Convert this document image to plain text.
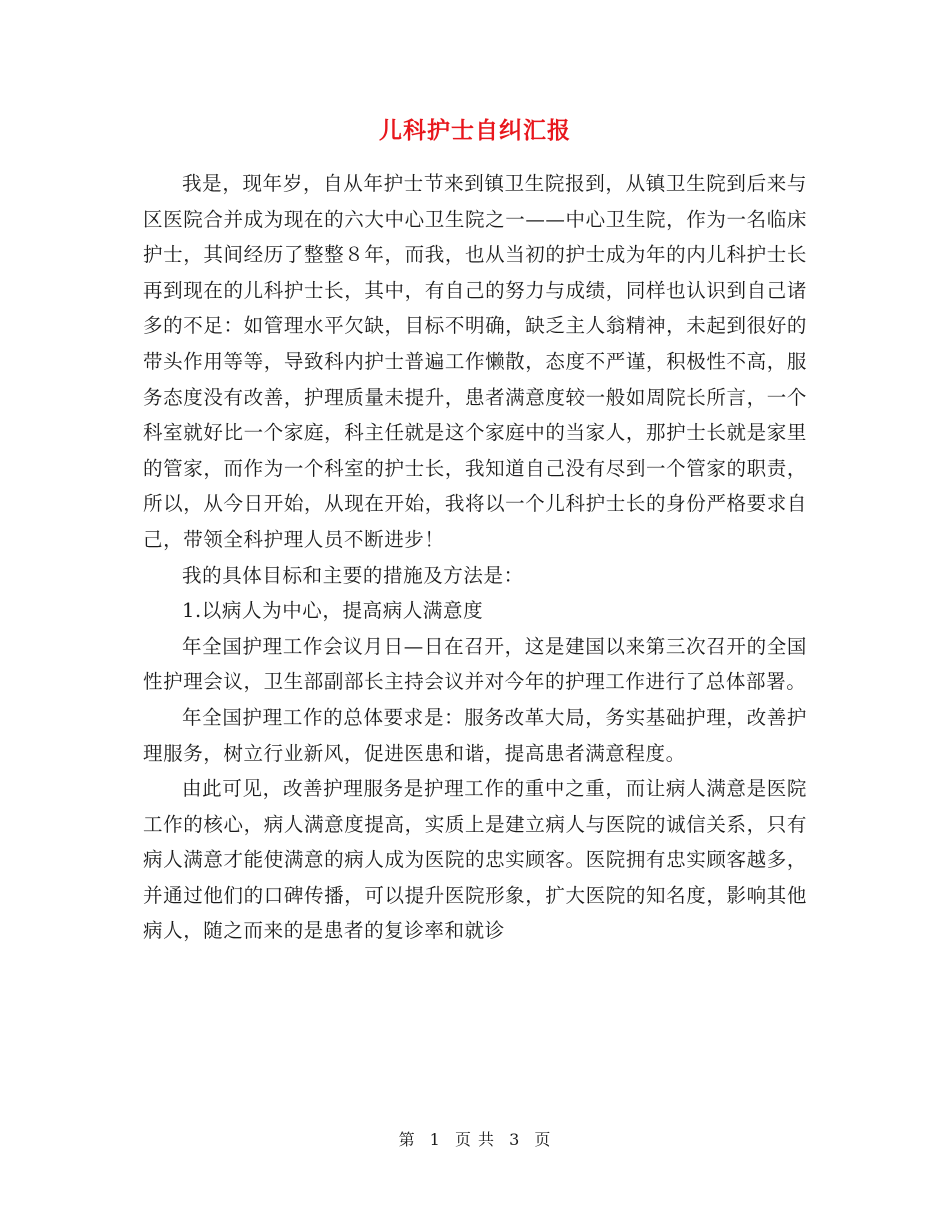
儿科护士自纠汇报

我是，现年岁，自从年护士节来到镇卫生院报到，从镇卫生院到后来与区医院合并成为现在的六大中心卫生院之一——中心卫生院，作为一名临床护士，其间经历了整整８年，而我，也从当初的护士成为年的内儿科护士长再到现在的儿科护士长，其中，有自己的努力与成绩，同样也认识到自己诸多的不足：如管理水平欠缺，目标不明确，缺乏主人翁精神，未起到很好的带头作用等等，导致科内护士普遍工作懒散，态度不严谨，积极性不高，服务态度没有改善，护理质量未提升，患者满意度较一般如周院长所言，一个科室就好比一个家庭，科主任就是这个家庭中的当家人，那护士长就是家里的管家，而作为一个科室的护士长，我知道自己没有尽到一个管家的职责，所以，从今日开始，从现在开始，我将以一个儿科护士长的身份严格要求自己，带领全科护理人员不断进步！

我的具体目标和主要的措施及方法是：

1.以病人为中心，提高病人满意度

年全国护理工作会议月日—日在召开，这是建国以来第三次召开的全国性护理会议，卫生部副部长主持会议并对今年的护理工作进行了总体部署。

年全国护理工作的总体要求是：服务改革大局，务实基础护理，改善护理服务，树立行业新风，促进医患和谐，提高患者满意程度。

由此可见，改善护理服务是护理工作的重中之重，而让病人满意是医院工作的核心，病人满意度提高，实质上是建立病人与医院的诚信关系，只有病人满意才能使满意的病人成为医院的忠实顾客。医院拥有忠实顾客越多，并通过他们的口碑传播，可以提升医院形象，扩大医院的知名度，影响其他病人，随之而来的是患者的复诊率和就诊

第 1 页 共 3 页
